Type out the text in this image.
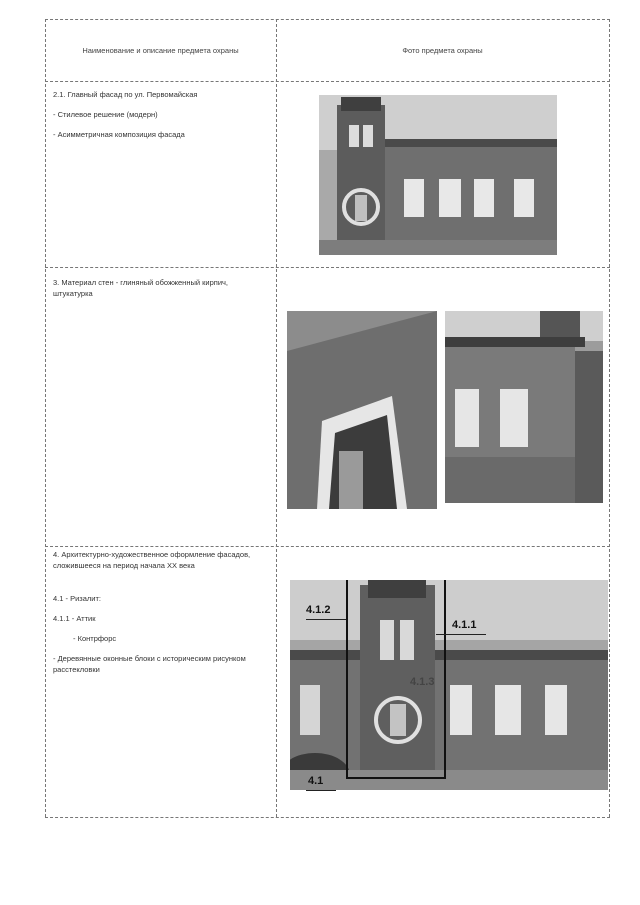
Наименование и описание предмета охраны	Фото предмета охраны

2.1. Главный фасад по ул. Первомайская

- Стилевое решение (модерн)

- Асимметричная композиция фасада

3. Материал стен - глиняный обожженный кирпич, штукатурка

4. Архитектурно-художественное оформление фасадов, сложившееся на период начала XX века

4.1 - Ризалит:

4.1.1 - Аттик

- Контрфорс

- Деревянные оконные блоки с историческим рисунком расстекловки

4.1.2
4.1.1
4.1.3
4.1
